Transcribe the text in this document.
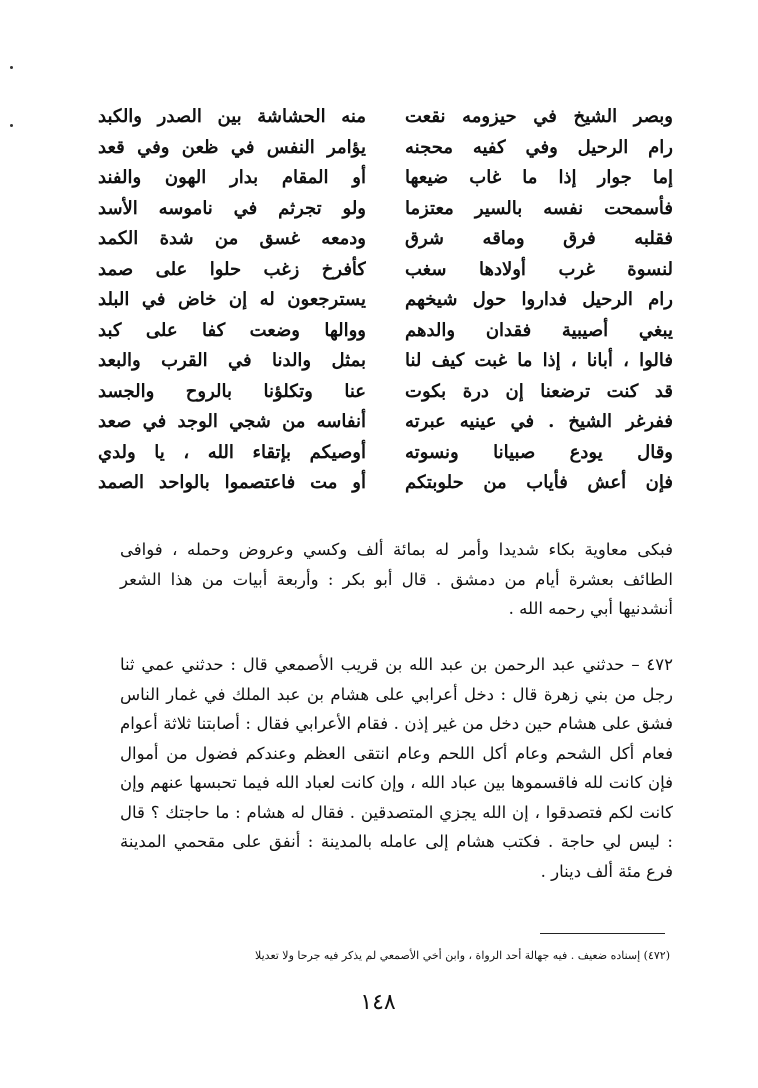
وبصر الشيخ في حيزومه نقعت
رام الرحيل وفي كفيه محجنه
إما جوار إذا ما غاب ضيعها
فأسمحت نفسه بالسير معتزما
فقلبه فرق وماقه شرق
لنسوة غرب أولادها سغب
رام الرحيل فداروا حول شيخهم
يبغي أصيبية فقدان والدهم
فالوا ، أبانا ، إذا ما غبت كيف لنا
قد كنت ترضعنا إن درة بكوت
ففرغر الشيخ . في عينيه عبرته
وقال يودع صبيانا ونسوته
فإن أعش فأياب من حلوبتكم
منه الحشاشة بين الصدر والكبد
يؤامر النفس في ظعن وفي قعد
أو المقام بدار الهون والفند
ولو تجرثم في ناموسه الأسد
ودمعه غسق من شدة الكمد
كأفرخ زغب حلوا على صمد
يسترجعون له إن خاض في البلد
ووالها وضعت كفا على كبد
بمثل والدنا في القرب والبعد
عنا وتكلؤنا بالروح والجسد
أنفاسه من شجي الوجد في صعد
أوصيكم بإتقاء الله ، يا ولدي
أو مت فاعتصموا بالواحد الصمد

فبكى معاوية بكاء شديدا وأمر له بمائة ألف وكسي وعروض وحمله ، فوافى الطائف بعشرة أيام من دمشق . قال أبو بكر : وأربعة أبيات من هذا الشعر أنشدنيها أبي رحمه الله .

٤٧٢ – حدثني عبد الرحمن بن عبد الله بن قريب الأصمعي قال : حدثني عمي ثنا رجل من بني زهرة قال : دخل أعرابي على هشام بن عبد الملك في غمار الناس فشق على هشام حين دخل من غير إذن . فقام الأعرابي فقال : أصابتنا ثلاثة أعوام فعام أكل الشحم وعام أكل اللحم وعام انتقى العظم وعندكم فضول من أموال فإن كانت لله فاقسموها بين عباد الله ، وإن كانت لعباد الله فيما تحبسها عنهم وإن كانت لكم فتصدقوا ، إن الله يجزي المتصدقين . فقال له هشام : ما حاجتك ؟ قال : ليس لي حاجة . فكتب هشام إلى عامله بالمدينة : أنفق على مقحمي المدينة فرع مئة ألف دينار .

(٤٧٢) إسناده ضعيف . فيه جهالة أحد الرواة ، وابن أخي الأصمعي لم يذكر فيه جرحا ولا تعديلا
١٤٨
